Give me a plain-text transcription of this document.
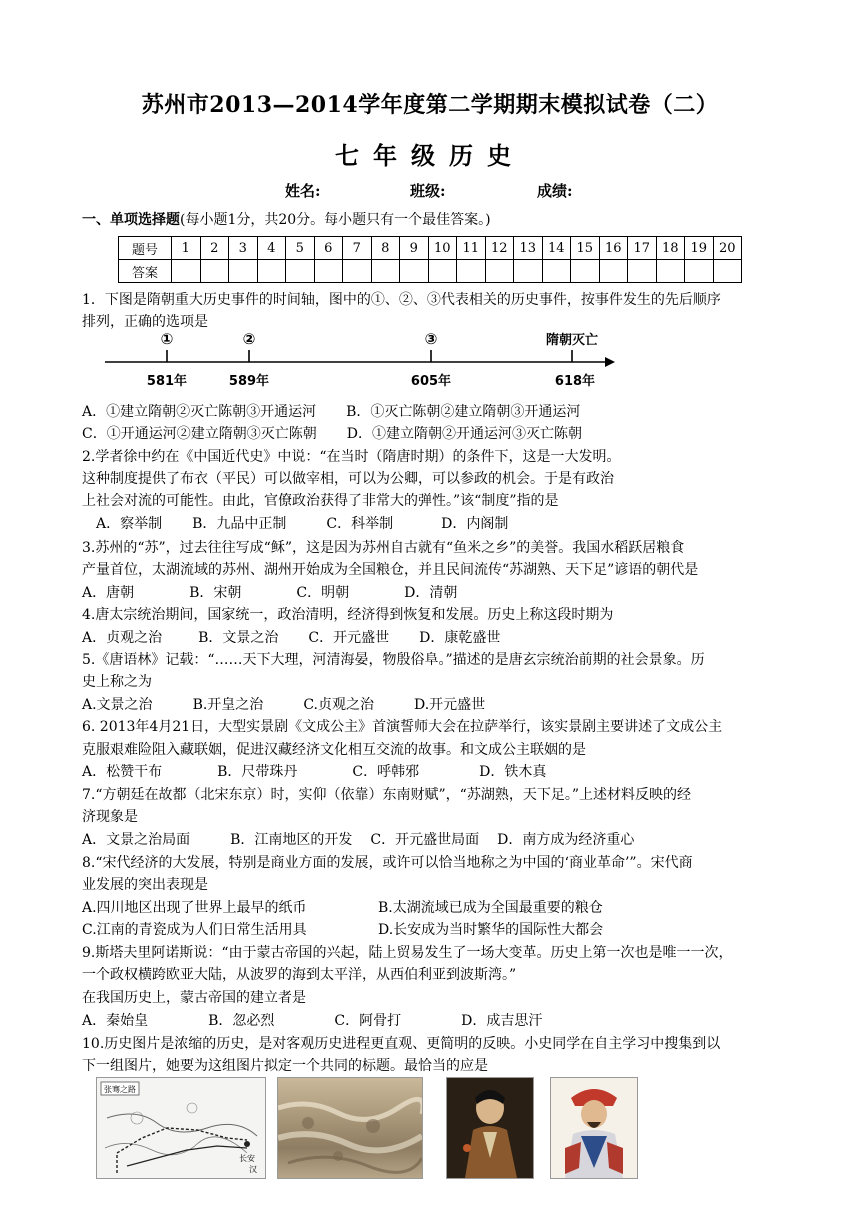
苏州市2013—2014学年度第二学期期末模拟试卷（二）
七年级历史
姓名:	班级:	成绩:
一、单项选择题(每小题1分，共20分。每小题只有一个最佳答案。)
题号	1	2	3	4	5	6	7	8	9	10	11	12	13	14	15	16	17	18	19	20
答案																				
1．下图是隋朝重大历史事件的时间轴，图中的①、②、③代表相关的历史事件，按事件发生的先后顺序
排列，正确的选项是
①	②	③	隋朝灭亡
581年	589年	605年	618年
A．①建立隋朝②灭亡陈朝③开通运河 B．①灭亡陈朝②建立隋朝③开通运河
C．①开通运河②建立隋朝③灭亡陈朝 D．①建立隋朝②开通运河③灭亡陈朝
2.学者徐中约在《中国近代史》中说：“在当时（隋唐时期）的条件下，这是一大发明。
这种制度提供了布衣（平民）可以做宰相，可以为公卿，可以参政的机会。于是有政治
上社会对流的可能性。由此，官僚政治获得了非常大的弹性。”该“制度”指的是
A．察举制 B．九品中正制	C．科举制	D．内阁制
3.苏州的“苏”，过去往往写成“稣”，这是因为苏州自古就有“鱼米之乡”的美誉。我国水稻跃居粮食
产量首位，太湖流域的苏州、湖州开始成为全国粮仓，并且民间流传“苏湖熟、天下足”谚语的朝代是
A．唐朝	B．宋朝	C．明朝	D．清朝
4.唐太宗统治期间，国家统一，政治清明，经济得到恢复和发展。历史上称这段时期为
A．贞观之治	B．文景之治 C．开元盛世 D．康乾盛世
5.《唐语林》记载：“……天下大理，河清海晏，物殷俗阜。”描述的是唐玄宗统治前期的社会景象。历
史上称之为
A.文景之治	B.开皇之治	C.贞观之治	D.开元盛世
6. 2013年4月21日，大型实景剧《文成公主》首演誓师大会在拉萨举行，该实景剧主要讲述了文成公主
克服艰难险阻入藏联姻，促进汉藏经济文化相互交流的故事。和文成公主联姻的是
A．松赞干布	B．尺带珠丹	C．呼韩邪	D．铁木真
7.“方朝廷在故都（北宋东京）时，实仰（依靠）东南财赋”，“苏湖熟，天下足。”上述材料反映的经
济现象是
A．文景之治局面	B．江南地区的开发 C．开元盛世局面 D．南方成为经济重心
8.“宋代经济的大发展，特别是商业方面的发展，或许可以恰当地称之为中国的‘商业革命’”。宋代商
业发展的突出表现是
A.四川地区出现了世界上最早的纸币	B.太湖流域已成为全国最重要的粮仓
C.江南的青瓷成为人们日常生活用具	D.长安成为当时繁华的国际性大都会
9.斯塔夫里阿诺斯说：“由于蒙古帝国的兴起，陆上贸易发生了一场大变革。历史上第一次也是唯一一次，
一个政权横跨欧亚大陆，从波罗的海到太平洋，从西伯利亚到波斯湾。”
在我国历史上，蒙古帝国的建立者是
A．秦始皇	B．忽必烈	C．阿骨打	D．成吉思汗
10.历史图片是浓缩的历史，是对客观历史进程更直观、更简明的反映。小史同学在自主学习中搜集到以
下一组图片，她要为这组图片拟定一个共同的标题。最恰当的应是
张骞之路
长安
汉
